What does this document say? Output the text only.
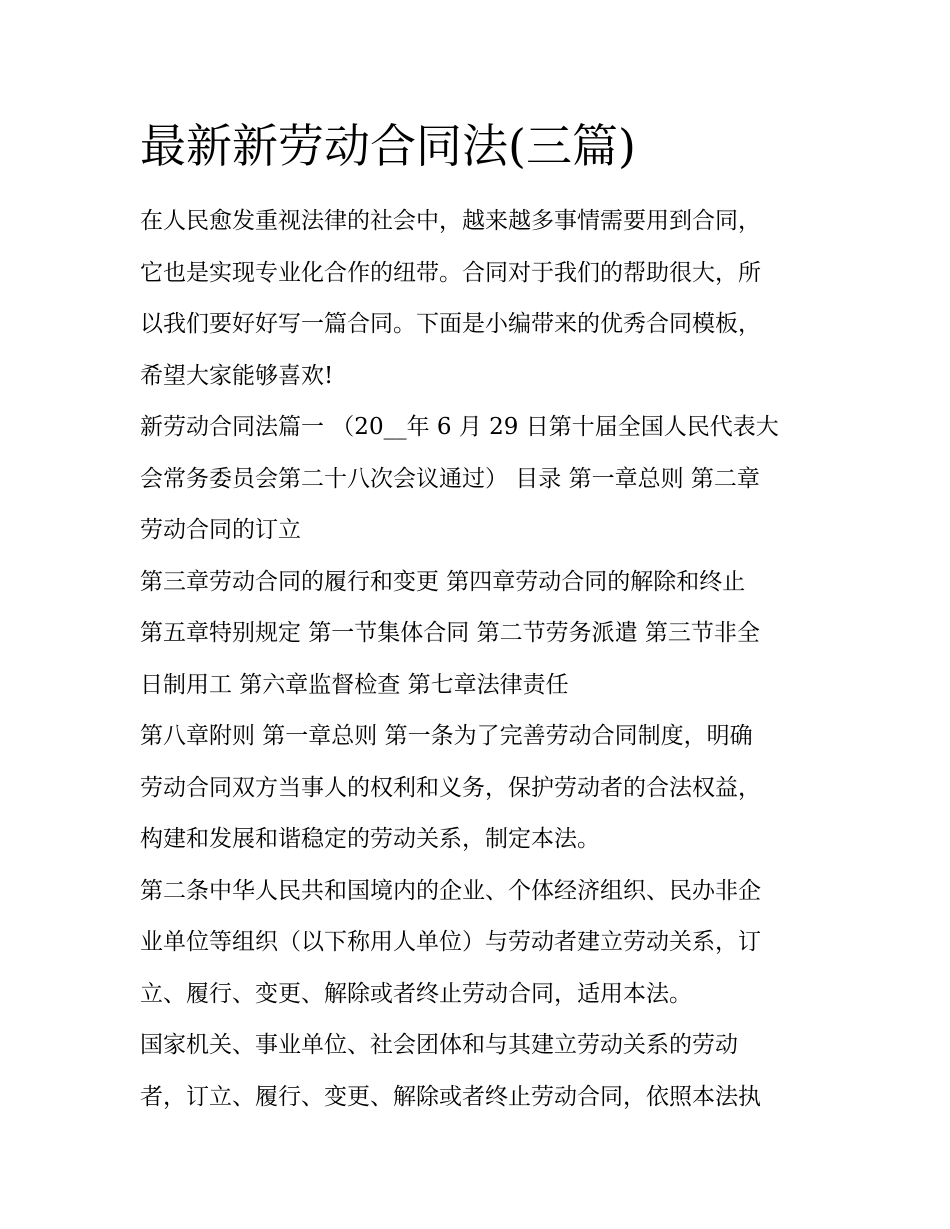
最新新劳动合同法(三篇)
在人民愈发重视法律的社会中，越来越多事情需要用到合同，
它也是实现专业化合作的纽带。合同对于我们的帮助很大，所
以我们要好好写一篇合同。下面是小编带来的优秀合同模板，
希望大家能够喜欢!
新劳动合同法篇一 （20__年 6 月 29 日第十届全国人民代表大
会常务委员会第二十八次会议通过） 目录 第一章总则 第二章
劳动合同的订立
第三章劳动合同的履行和变更 第四章劳动合同的解除和终止
第五章特别规定 第一节集体合同 第二节劳务派遣 第三节非全
日制用工 第六章监督检查 第七章法律责任
第八章附则 第一章总则 第一条为了完善劳动合同制度，明确
劳动合同双方当事人的权利和义务，保护劳动者的合法权益，
构建和发展和谐稳定的劳动关系，制定本法。
第二条中华人民共和国境内的企业、个体经济组织、民办非企
业单位等组织（以下称用人单位）与劳动者建立劳动关系，订
立、履行、变更、解除或者终止劳动合同，适用本法。
国家机关、事业单位、社会团体和与其建立劳动关系的劳动
者，订立、履行、变更、解除或者终止劳动合同，依照本法执
